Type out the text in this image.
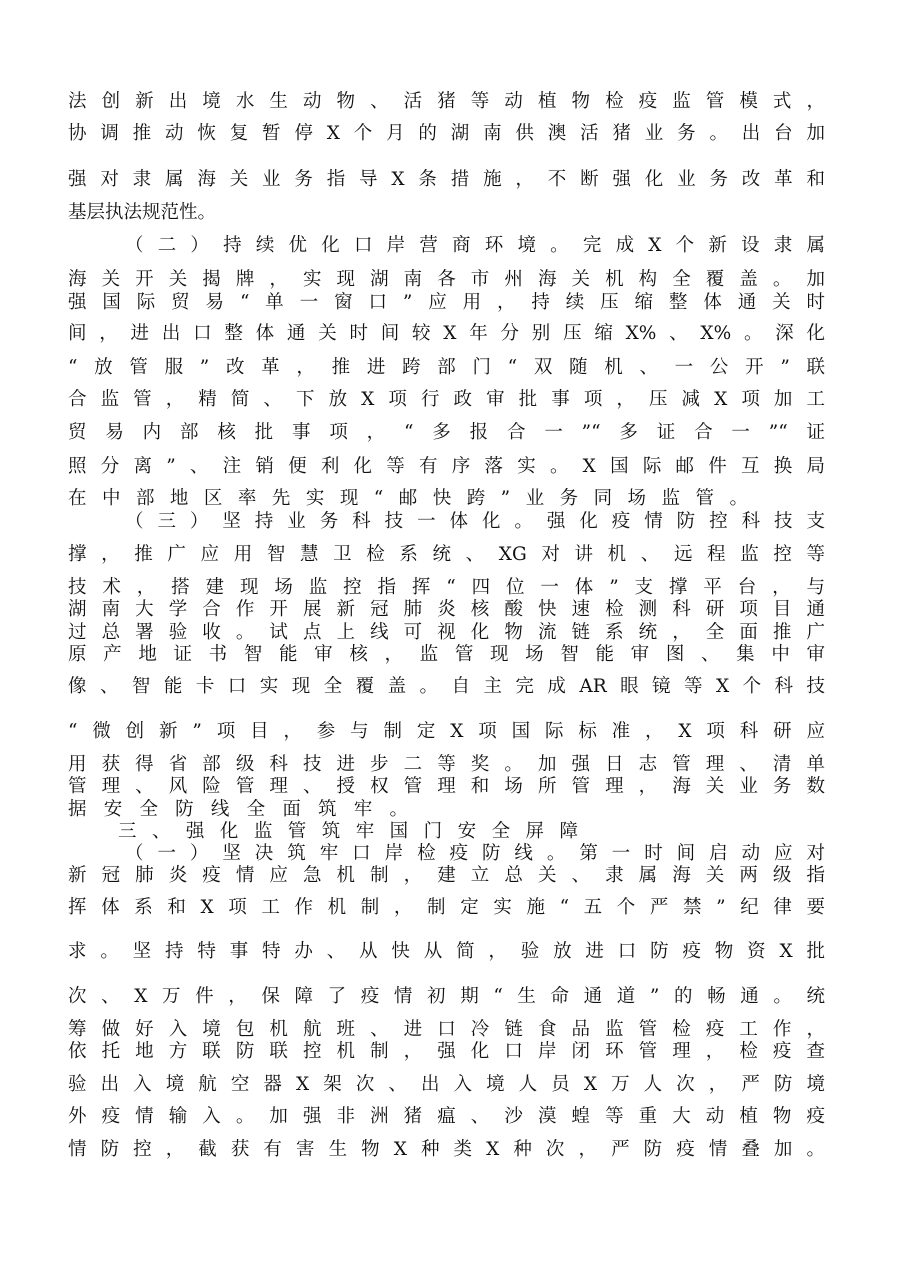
法创新出境水生动物、活猪等动植物检疫监管模式，
协调推动恢复暂停X个月的湖南供澳活猪业务。出台加
强对隶属海关业务指导X条措施，不断强化业务改革和
基层执法规范性。
（二）持续优化口岸营商环境。完成X个新设隶属
海关开关揭牌，实现湖南各市州海关机构全覆盖。加
强国际贸易“单一窗口”应用，持续压缩整体通关时
间，进出口整体通关时间较X年分别压缩X%、X%。深化
“放管服”改革，推进跨部门“双随机、一公开”联
合监管，精简、下放X项行政审批事项，压减X项加工
贸易内部核批事项，“多报合一”“多证合一”“证
照分离”、注销便利化等有序落实。X国际邮件互换局
在中部地区率先实现“邮快跨”业务同场监管。
（三）坚持业务科技一体化。强化疫情防控科技支
撑，推广应用智慧卫检系统、XG对讲机、远程监控等
技术，搭建现场监控指挥“四位一体”支撑平台，与
湖南大学合作开展新冠肺炎核酸快速检测科研项目通
过总署验收。试点上线可视化物流链系统，全面推广
原产地证书智能审核，监管现场智能审图、集中审
像、智能卡口实现全覆盖。自主完成AR眼镜等X个科技
“微创新”项目，参与制定X项国际标准，X项科研应
用获得省部级科技进步二等奖。加强日志管理、清单
管理、风险管理、授权管理和场所管理，海关业务数
据安全防线全面筑牢。
三、强化监管筑牢国门安全屏障
（一）坚决筑牢口岸检疫防线。第一时间启动应对
新冠肺炎疫情应急机制，建立总关、隶属海关两级指
挥体系和X项工作机制，制定实施“五个严禁”纪律要
求。坚持特事特办、从快从简，验放进口防疫物资X批
次、X万件，保障了疫情初期“生命通道”的畅通。统
筹做好入境包机航班、进口冷链食品监管检疫工作，
依托地方联防联控机制，强化口岸闭环管理，检疫查
验出入境航空器X架次、出入境人员X万人次，严防境
外疫情输入。加强非洲猪瘟、沙漠蝗等重大动植物疫
情防控，截获有害生物X种类X种次，严防疫情叠加。
